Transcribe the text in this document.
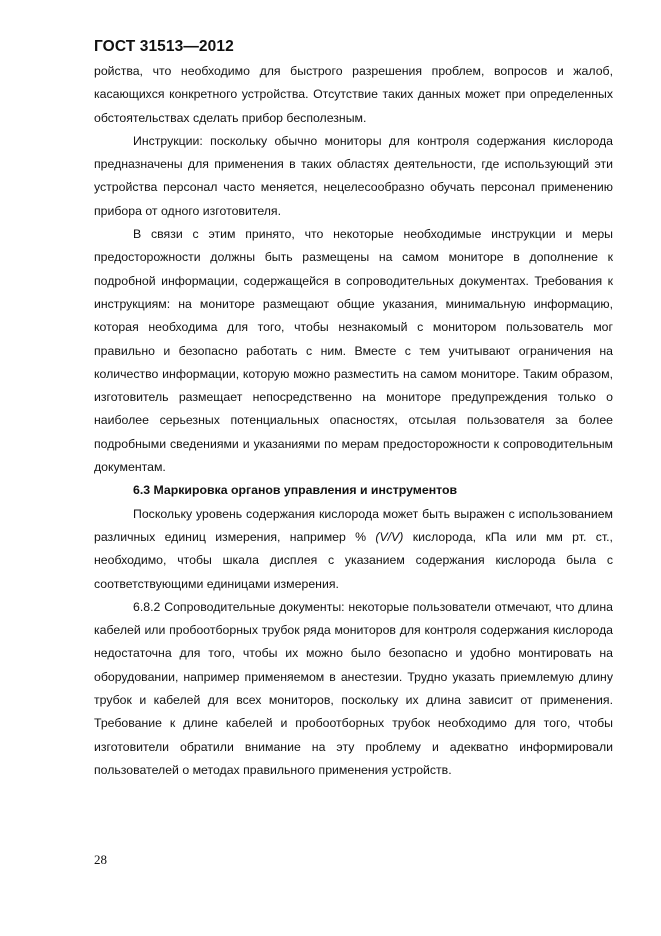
ГОСТ 31513—2012

ройства, что необходимо для быстрого разрешения проблем, вопросов и жалоб, касающихся конкретного устройства. Отсутствие таких данных может при определенных обстоятельствах сделать прибор бесполезным.

Инструкции: поскольку обычно мониторы для контроля содержания кислорода предназначены для применения в таких областях деятельности, где использующий эти устройства персонал часто меняется, нецелесообразно обучать персонал применению прибора от одного изготовителя.

В связи с этим принято, что некоторые необходимые инструкции и меры предосторожности должны быть размещены на самом мониторе в дополнение к подробной информации, содержащейся в сопроводительных документах. Требования к инструкциям: на мониторе размещают общие указания, минимальную информацию, которая необходима для того, чтобы незнакомый с монитором пользователь мог правильно и безопасно работать с ним. Вместе с тем учитывают ограничения на количество информации, которую можно разместить на самом мониторе. Таким образом, изготовитель размещает непосредственно на мониторе предупреждения только о наиболее серьезных потенциальных опасностях, отсылая пользователя за более подробными сведениями и указаниями по мерам предосторожности к сопроводительным документам.

6.3 Маркировка органов управления и инструментов

Поскольку уровень содержания кислорода может быть выражен с использованием различных единиц измерения, например % (V/V) кислорода, кПа или мм рт. ст., необходимо, чтобы шкала дисплея с указанием содержания кислорода была с соответствующими единицами измерения.

6.8.2 Сопроводительные документы: некоторые пользователи отмечают, что длина кабелей или пробоотборных трубок ряда мониторов для контроля содержания кислорода недостаточна для того, чтобы их можно было безопасно и удобно монтировать на оборудовании, например применяемом в анестезии. Трудно указать приемлемую длину трубок и кабелей для всех мониторов, поскольку их длина зависит от применения. Требование к длине кабелей и пробоотборных трубок необходимо для того, чтобы изготовители обратили внимание на эту проблему и адекватно информировали пользователей о методах правильного применения устройств.

28
